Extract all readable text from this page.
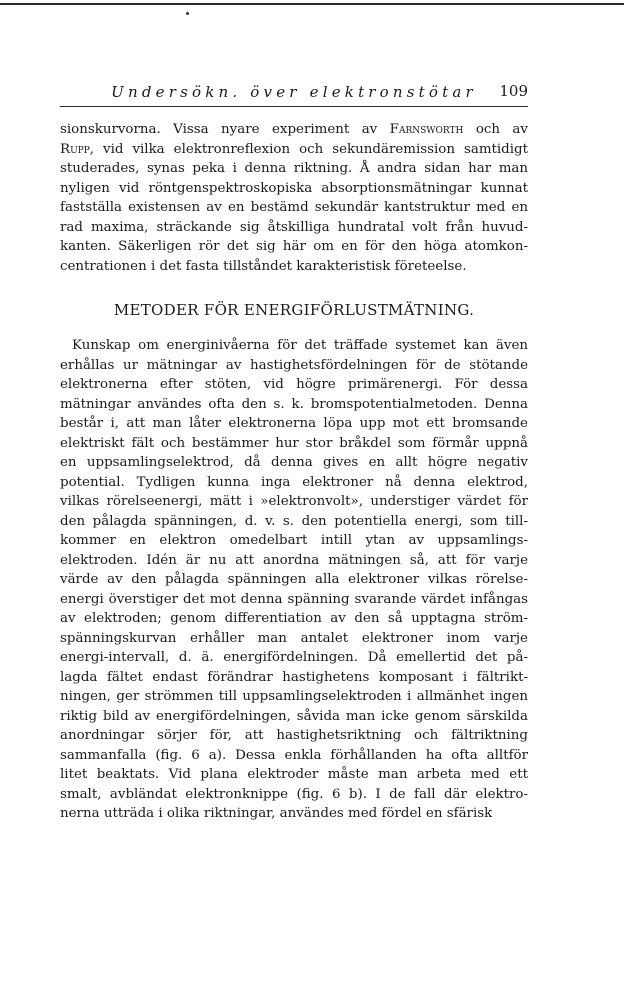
Undersökn. över elektronstötar	109
sionskurvorna. Vissa nyare experiment av Farnsworth och av
Rupp, vid vilka elektronreflexion och sekundäremission samtidigt
studerades, synas peka i denna riktning. Å andra sidan har man
nyligen vid röntgenspektroskopiska absorptionsmätningar kunnat
fastställa existensen av en bestämd sekundär kantstruktur med en
rad maxima, sträckande sig åtskilliga hundratal volt från huvud-
kanten. Säkerligen rör det sig här om en för den höga atomkon-
centrationen i det fasta tillståndet karakteristisk företeelse.
METODER FÖR ENERGIFÖRLUSTMÄTNING.
Kunskap om energinivåerna för det träffade systemet kan även
erhållas ur mätningar av hastighetsfördelningen för de stötande
elektronerna efter stöten, vid högre primärenergi. För dessa
mätningar användes ofta den s. k. bromspotentialmetoden. Denna
består i, att man låter elektronerna löpa upp mot ett bromsande
elektriskt fält och bestämmer hur stor bråkdel som förmår uppnå
en uppsamlingselektrod, då denna gives en allt högre negativ
potential. Tydligen kunna inga elektroner nå denna elektrod,
vilkas rörelseenergi, mätt i »elektronvolt», understiger värdet för
den pålagda spänningen, d. v. s. den potentiella energi, som till-
kommer en elektron omedelbart intill ytan av uppsamlings-
elektroden. Idén är nu att anordna mätningen så, att för varje
värde av den pålagda spänningen alla elektroner vilkas rörelse-
energi överstiger det mot denna spänning svarande värdet infångas
av elektroden; genom differentiation av den så upptagna ström-
spänningskurvan erhåller man antalet elektroner inom varje
energi-intervall, d. ä. energifördelningen. Då emellertid det på-
lagda fältet endast förändrar hastighetens komposant i fältrikt-
ningen, ger strömmen till uppsamlingselektroden i allmänhet ingen
riktig bild av energifördelningen, såvida man icke genom särskilda
anordningar sörjer för, att hastighetsriktning och fältriktning
sammanfalla (fig. 6 a). Dessa enkla förhållanden ha ofta alltför
litet beaktats. Vid plana elektroder måste man arbeta med ett
smalt, avbländat elektronknippe (fig. 6 b). I de fall där elektro-
nerna utträda i olika riktningar, användes med fördel en sfärisk
